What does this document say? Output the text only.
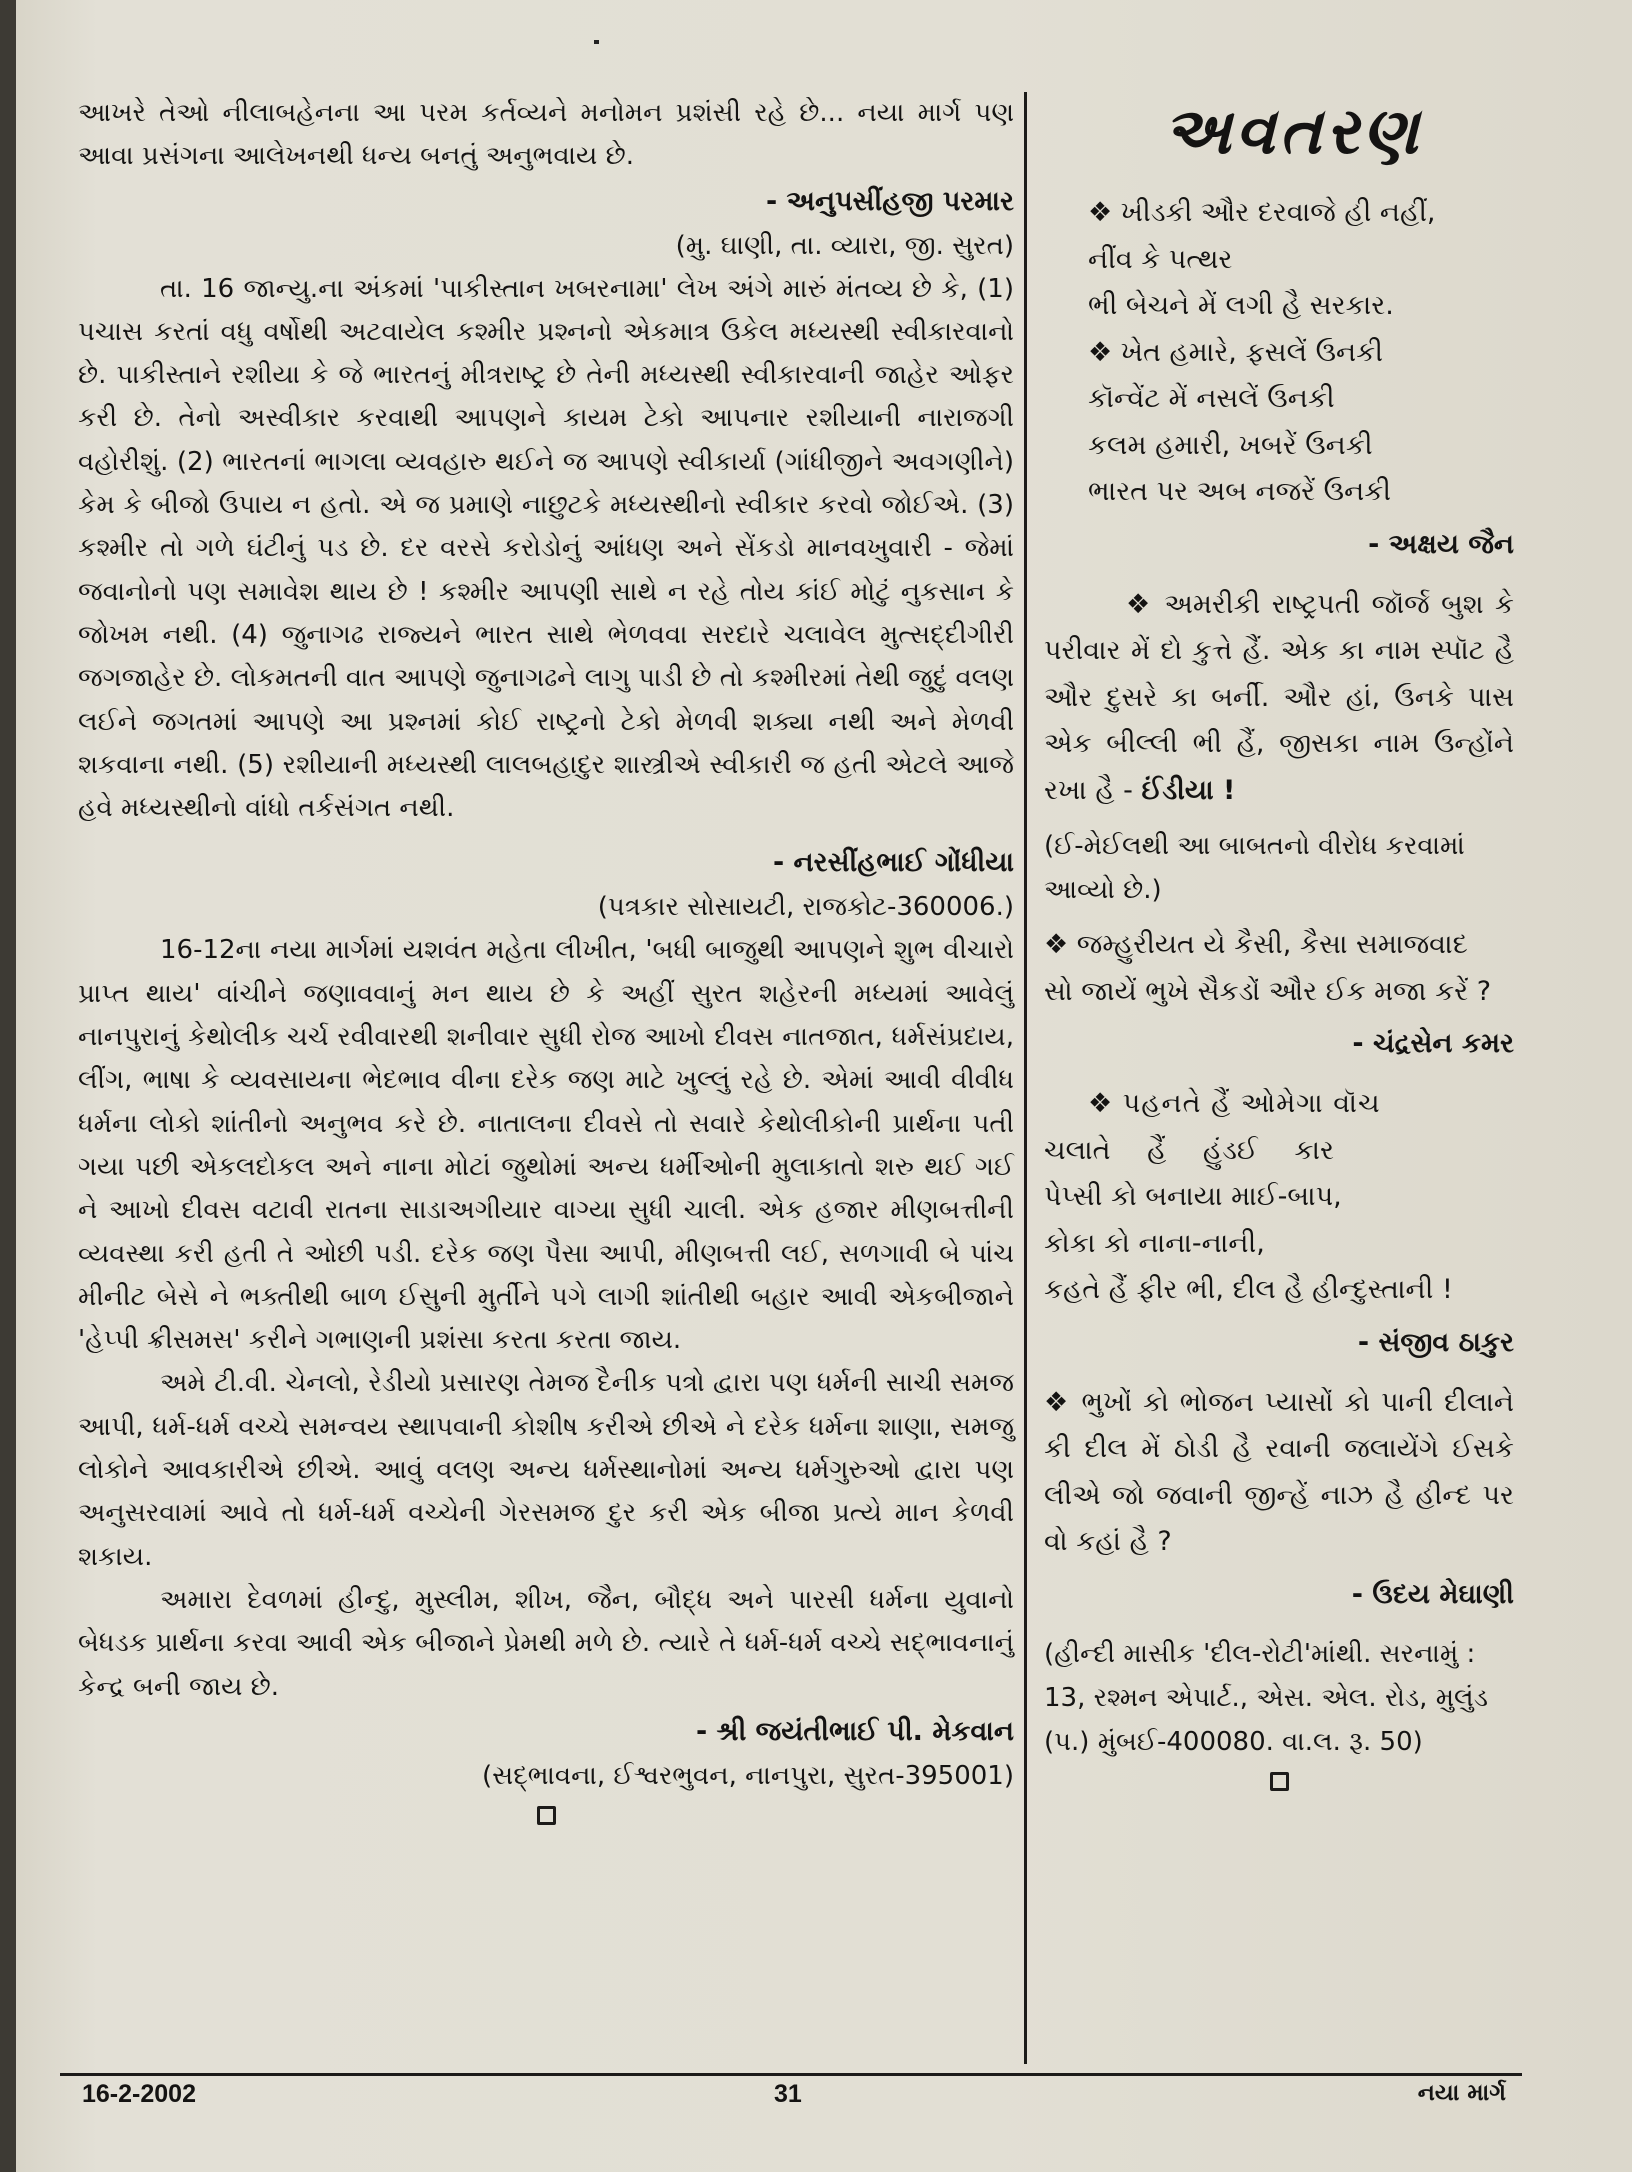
આખરે તેઓ નીલાબહેનના આ પરમ કર્તવ્યને મનોમન પ્રશંસી રહે છે... નયા માર્ગ પણ આવા પ્રસંગના આલેખનથી ધન્ય બનતું અનુભવાય છે.

- અનુપસીંહજી પરમાર

(મુ. ઘાણી, તા. વ્યારા, જી. સુરત)

તા. 16 જાન્યુ.ના અંકમાં 'પાકીસ્તાન ખબરનામા' લેખ અંગે મારું મંતવ્ય છે કે, (1) પચાસ કરતાં વધુ વર્ષોથી અટવાયેલ કશ્મીર પ્રશ્નનો એકમાત્ર ઉકેલ મધ્યસ્થી સ્વીકારવાનો છે. પાકીસ્તાને રશીયા કે જે ભારતનું મીત્રરાષ્ટ્ર છે તેની મધ્યસ્થી સ્વીકારવાની જાહેર ઓફર કરી છે. તેનો અસ્વીકાર કરવાથી આપણને કાયમ ટેકો આપનાર રશીયાની નારાજગી વહોરીશું. (2) ભારતનાં ભાગલા વ્યવહારુ થઈને જ આપણે સ્વીકાર્યા (ગાંધીજીને અવગણીને) કેમ કે બીજો ઉપાય ન હતો. એ જ પ્રમાણે નાછુટકે મધ્યસ્થીનો સ્વીકાર કરવો જોઈએ. (3) કશ્મીર તો ગળે ઘંટીનું પડ છે. દર વરસે કરોડોનું આંધણ અને સેંકડો માનવખુવારી - જેમાં જવાનોનો પણ સમાવેશ થાય છે ! કશ્મીર આપણી સાથે ન રહે તોય કાંઈ મોટું નુકસાન કે જોખમ નથી. (4) જુનાગઢ રાજ્યને ભારત સાથે ભેળવવા સરદારે ચલાવેલ મુત્સદ્દીગીરી જગજાહેર છે. લોકમતની વાત આપણે જુનાગઢને લાગુ પાડી છે તો કશ્મીરમાં તેથી જુદું વલણ લઈને જગતમાં આપણે આ પ્રશ્નમાં કોઈ રાષ્ટ્રનો ટેકો મેળવી શક્યા નથી અને મેળવી શકવાના નથી. (5) રશીયાની મધ્યસ્થી લાલબહાદુર શાસ્ત્રીએ સ્વીકારી જ હતી એટલે આજે હવે મધ્યસ્થીનો વાંધો તર્કસંગત નથી.

- નરસીંહભાઈ ગોંધીયા

(પત્રકાર સોસાયટી, રાજકોટ-360006.)

16-12ના નયા માર્ગમાં યશવંત મહેતા લીખીત, 'બધી બાજુથી આપણને શુભ વીચારો પ્રાપ્ત થાય' વાંચીને જણાવવાનું મન થાય છે કે અહીં સુરત શહેરની મધ્યમાં આવેલું નાનપુરાનું કેથોલીક ચર્ચ રવીવારથી શનીવાર સુધી રોજ આખો દીવસ નાતજાત, ધર્મસંપ્રદાય, લીંગ, ભાષા કે વ્યવસાયના ભેદભાવ વીના દરેક જણ માટે ખુલ્લું રહે છે. એમાં આવી વીવીધ ધર્મના લોકો શાંતીનો અનુભવ કરે છે. નાતાલના દીવસે તો સવારે કેથોલીકોની પ્રાર્થના પતી ગયા પછી એકલદોકલ અને નાના મોટાં જુથોમાં અન્ય ધર્મીઓની મુલાકાતો શરુ થઈ ગઈ ને આખો દીવસ વટાવી રાતના સાડાઅગીયાર વાગ્યા સુધી ચાલી. એક હજાર મીણબત્તીની વ્યવસ્થા કરી હતી તે ઓછી પડી. દરેક જણ પૈસા આપી, મીણબત્તી લઈ, સળગાવી બે પાંચ મીનીટ બેસે ને ભક્તીથી બાળ ઈસુની મુર્તીને પગે લાગી શાંતીથી બહાર આવી એકબીજાને 'હેપ્પી ક્રીસમસ' કરીને ગભાણની પ્રશંસા કરતા કરતા જાય.

અમે ટી.વી. ચેનલો, રેડીયો પ્રસારણ તેમજ દૈનીક પત્રો દ્વારા પણ ધર્મની સાચી સમજ આપી, ધર્મ-ધર્મ વચ્ચે સમન્વય સ્થાપવાની કોશીષ કરીએ છીએ ને દરેક ધર્મના શાણા, સમજુ લોકોને આવકારીએ છીએ. આવું વલણ અન્ય ધર્મસ્થાનોમાં અન્ય ધર્મગુરુઓ દ્વારા પણ અનુસરવામાં આવે તો ધર્મ-ધર્મ વચ્ચેની ગેરસમજ દુર કરી એક બીજા પ્રત્યે માન કેળવી શકાય.

અમારા દેવળમાં હીન્દુ, મુસ્લીમ, શીખ, જૈન, બૌદ્ધ અને પારસી ધર્મના યુવાનો બેધડક પ્રાર્થના કરવા આવી એક બીજાને પ્રેમથી મળે છે. ત્યારે તે ધર્મ-ધર્મ વચ્ચે સદ્ભાવનાનું કેન્દ્ર બની જાય છે.

- શ્રી જયંતીભાઈ પી. મેકવાન

(સદ્ભાવના, ઈશ્વરભુવન, નાનપુરા, સુરત-395001)

અવતરણ

❖ ખીડકી ઔર દરવાજે હી નહીં,

નીંવ કે પત્થર

ભી બેચને મેં લગી હૈ સરકાર.

❖ ખેત હમારે, ફસલેં ઉનકી

કૉન્વેંટ મેં નસલેં ઉનકી

કલમ હમારી, ખબરેં ઉનકી

ભારત પર અબ નજરેં ઉનકી

- અક્ષય જૈન

❖ અમરીકી રાષ્ટ્રપતી જૉર્જ બુશ કે પરીવાર મેં દો કુત્તે હૈં. એક કા નામ સ્પૉટ હૈ ઔર દુસરે કા બર્ની. ઔર હાં, ઉનકે પાસ એક બીલ્લી ભી હૈં, જીસકા નામ ઉન્હોંને રખા હૈ - ઈંડીયા !

(ઈ-મેઈલથી આ બાબતનો વીરોધ કરવામાં આવ્યો છે.)

❖ જમ્હુરીયત યે કૈસી, કૈસા સમાજવાદ

સો જાયેં ભુખે સૈકડોં ઔર ઈક મજા કરેં ?

- ચંદ્રસેન કમર

❖ પહનતે હૈં ઓમેગા વૉચ

ચલાતે હૈં હુંડઈ કાર

પેપ્સી કો બનાયા માઈ-બાપ,

કોકા કો નાના-નાની,

કહતે હૈં ફીર ભી, દીલ હૈ હીન્દુસ્તાની !

- સંજીવ ઠાકુર

❖ ભુખોં કો ભોજન પ્યાસોં કો પાની દીલાને કી દીલ મેં ઠોડી હૈ રવાની જલાયેંગે ઈસકે લીએ જો જવાની જીન્હેં નાઝ હૈ હીન્દ પર વો કહાં હૈ ?

- ઉદય મેઘાણી

(હીન્દી માસીક 'દીલ-રોટી'માંથી. સરનામું : 13, રશ્મન એપાર્ટ., એસ. એલ. રોડ, મુલુંડ (પ.) મુંબઈ-400080. વા.લ. રૂ. 50)

16-2-2002	31	નયા માર્ગ
